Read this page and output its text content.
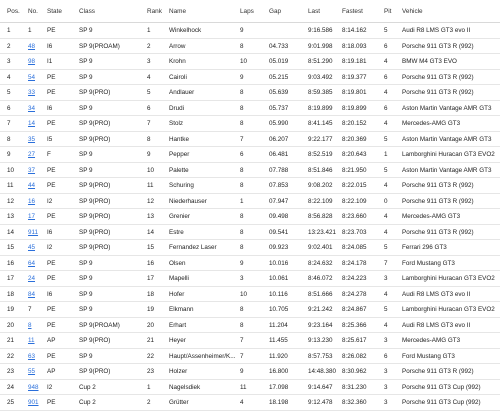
Pos.	No.	State	Class	Rank	Name	Laps	Gap	Last	Fastest	Pit	Vehicle
1	1	PE	SP 9	1	Winkelhock	9	9:16.586	8:14.162	5	Audi R8 LMS GT3 evo II
2	48	I6	SP 9(PROAM)	2	Arrow	8	04.733	9:01.998	8:18.093	6	Porsche 911 GT3 R (992)
3	98	I1	SP 9	3	Krohn	10	05.019	8:51.290	8:19.181	4	BMW M4 GT3 EVO
4	54	PE	SP 9	4	Cairoli	9	05.215	9:03.492	8:19.377	6	Porsche 911 GT3 R (992)
5	33	PE	SP 9(PRO)	5	Andlauer	8	05.639	8:59.385	8:19.801	4	Porsche 911 GT3 R (992)
6	34	I6	SP 9	6	Drudi	8	05.737	8:19.899	8:19.899	6	Aston Martin Vantage AMR GT3
7	14	PE	SP 9(PRO)	7	Stolz	8	05.990	8:41.145	8:20.152	4	Mercedes-AMG GT3
8	35	I5	SP 9(PRO)	8	Hantke	7	06.207	9:22.177	8:20.369	5	Aston Martin Vantage AMR GT3
9	27	F	SP 9	9	Pepper	6	06.481	8:52.519	8:20.643	1	Lamborghini Huracan GT3 EVO2
10	37	PE	SP 9	10	Palette	8	07.788	8:51.846	8:21.950	5	Aston Martin Vantage AMR GT3
11	44	PE	SP 9(PRO)	11	Schuring	8	07.853	9:08.202	8:22.015	4	Porsche 911 GT3 R (992)
12	16	I2	SP 9(PRO)	12	Niederhauser	1	07.947	8:22.109	8:22.109	0	Porsche 911 GT3 R (992)
13	17	PE	SP 9(PRO)	13	Grenier	8	09.498	8:56.828	8:23.660	4	Mercedes-AMG GT3
14	911	I6	SP 9(PRO)	14	Estre	8	09.541	13:23.421 8:23.703	4	Porsche 911 GT3 R (992)
15	45	I2	SP 9(PRO)	15	Fernandez Laser	8	09.923	9:02.401	8:24.085	5	Ferrari 296 GT3
16	64	PE	SP 9	16	Olsen	9	10.016	8:24.632	8:24.178	7	Ford Mustang GT3
17	24	PE	SP 9	17	Mapelli	3	10.061	8:46.072	8:24.223	3	Lamborghini Huracan GT3 EVO2
18	84	I6	SP 9	18	Hofer	10	10.116	8:51.666	8:24.278	4	Audi R8 LMS GT3 evo II
19	7	PE	SP 9	19	Elkmann	8	10.705	9:21.242	8:24.867	5	Lamborghini Huracan GT3 EVO2
20	8	PE	SP 9(PROAM)	20	Erhart	8	11.204	9:23.164	8:25.366	4	Audi R8 LMS GT3 evo II
21	11	AP	SP 9(PRO)	21	Heyer	7	11.455	9:13.230	8:25.617	3	Mercedes-AMG GT3
22	63	PE	SP 9	22	Haupt/Assenheimer/K... 7	11.920	8:57.753	8:26.082	6	Ford Mustang GT3
23	55	AP	SP 9(PRO)	23	Holzer	9	16.800	14:48.380 8:30.962	3	Porsche 911 GT3 R (992)
24	948	I2	Cup 2	1	Nagelsdiek	11	17.098	9:14.647	8:31.230	3	Porsche 911 GT3 Cup (992)
25	901	PE	Cup 2	2	Grütter	4	18.198	9:12.478	8:32.360	3	Porsche 911 GT3 Cup (992)
